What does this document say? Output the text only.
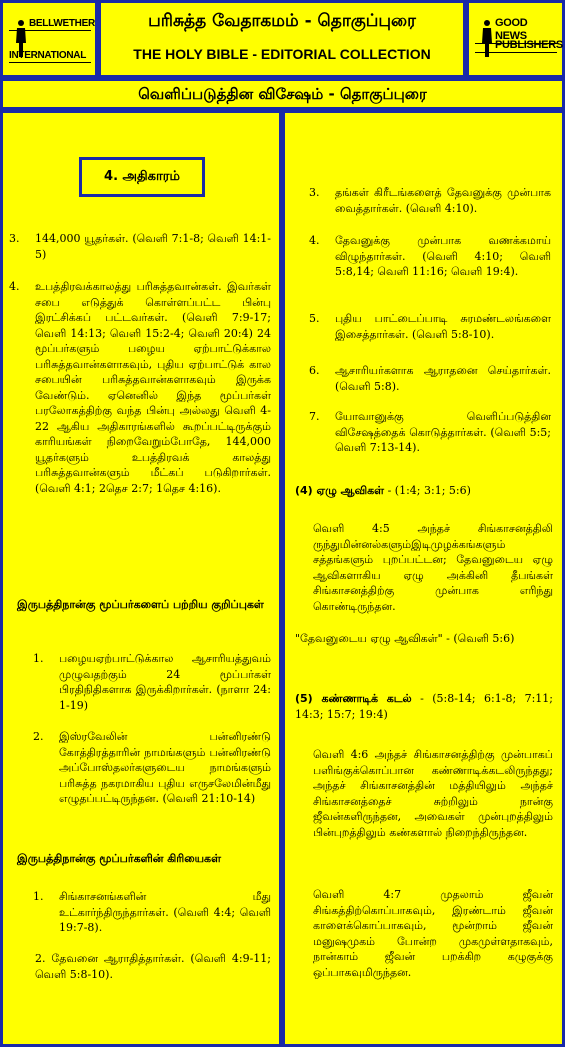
BELLWETHER
INTERNATIONAL
பரிசுத்த வேதாகமம் - தொகுப்புரை
THE HOLY BIBLE - EDITORIAL COLLECTION
GOOD NEWS
PUBLISHERS
வெளிப்படுத்தின விசேஷம் - தொகுப்புரை
4. அதிகாரம்
3. 144,000 யூதர்கள். (வெளி 7:1-8; வெளி 14:1-5)
4. உபத்திரவக்காலத்து பரிசுத்தவான்கள். இவர்கள் சபை எடுத்துக் கொள்ளப்பட்ட பின்பு இரட்சிக்கப் பட்டவர்கள். (வெளி 7:9-17; வெளி 14:13; வெளி 15:2-4; வெளி 20:4) 24 மூப்பர்களும் பழைய ஏற்பாட்டுக்கால பரிசுத்தவான்களாகவும், புதிய ஏற்பாட்டுக் கால சபையின் பரிசுத்தவான்களாகவும் இருக்க வேண்டும். ஏனெனில் இந்த மூப்பர்கள் பரலோகத்திற்கு வந்த பின்பு அல்லது வெளி 4-22 ஆகிய அதிகாரங்களில் கூறப்பட்டிருக்கும் காரியங்கள் நிறைவேறும்போதே, 144,000 யூதர்களும் உபத்திரவக் காலத்து பரிசுத்தவான்களும் மீட்கப் படுகிறார்கள். (வெளி 4:1; 2தெச 2:7; 1தெச 4:16).
இருபத்திநான்கு மூப்பர்களைப் பற்றிய குறிப்புகள்
1. பழையஏற்பாட்டுக்கால ஆசாரியத்துவம் முழுவதற்கும் 24 மூப்பர்கள் பிரதிநிதிகளாக இருக்கிறார்கள். (நாளா 24: 1-19)
2. இஸ்ரவேலின் பன்னிரண்டு கோத்திரத்தாரின் நாமங்களும் பன்னிரண்டு அப்போஸ்தலர்களுடைய நாமங்களும் பரிசுத்த நகரமாகிய புதிய எருசலேமின்மீது எழுதப்பட்டிருந்தன. (வெளி 21:10-14)
இருபத்திநான்கு மூப்பர்களின் கிரியைகள்
1. சிங்காசனங்களின் மீது உட்கார்ந்திருந்தார்கள். (வெளி 4:4; வெளி 19:7-8).
2. தேவனை ஆராதித்தார்கள். (வெளி 4:9-11; வெளி 5:8-10).
3. தங்கள் கிரீடங்களைத் தேவனுக்கு முன்பாக வைத்தார்கள். (வெளி 4:10).
4. தேவனுக்கு முன்பாக வணக்கமாய் விழுந்தார்கள். (வெளி 4:10; வெளி 5:8,14; வெளி 11:16; வெளி 19:4).
5. புதிய பாட்டைப்பாடி சுரமண்டலங்களை இசைத்தார்கள். (வெளி 5:8-10).
6. ஆசாரியர்களாக ஆராதனை செய்தார்கள். (வெளி 5:8).
7. யோவானுக்கு வெளிப்படுத்தின விசேஷத்தைக் கொடுத்தார்கள். (வெளி 5:5; வெளி 7:13-14).
(4) ஏழு ஆவிகள் - (1:4; 3:1; 5:6)
வெளி 4:5 அந்தச் சிங்காசனத்திலி ருந்துமின்னல்களும்இடிமுழக்கங்களும் சத்தங்களும் புறப்பட்டன; தேவனுடைய ஏழு ஆவிகளாகிய ஏழு அக்கினி தீபங்கள் சிங்காசனத்திற்கு முன்பாக எரிந்து கொண்டிருந்தன.
"தேவனுடைய ஏழு ஆவிகள்" - (வெளி 5:6)
(5) கண்ணாடிக் கடல் - (5:8-14; 6:1-8; 7:11; 14:3; 15:7; 19:4)
வெளி 4:6 அந்தச் சிங்காசனத்திற்கு முன்பாகப் பளிங்குக்கொப்பான கண்ணாடிக்கடலிருந்தது; அந்தச் சிங்காசனத்தின் மத்தியிலும் அந்தச் சிங்காசனத்தைச் சுற்றிலும் நான்கு ஜீவன்களிருந்தன, அவைகள் முன்புறத்திலும் பின்புறத்திலும் கண்களால் நிறைந்திருந்தன.
வெளி 4:7 முதலாம் ஜீவன் சிங்கத்திற்கொப்பாகவும், இரண்டாம் ஜீவன் காளைக்கொப்பாகவும், மூன்றாம் ஜீவன் மனுஷமுகம் போன்ற முகமுள்ளதாகவும், நான்காம் ஜீவன் பறக்கிற கழுகுக்கு ஒப்பாகவுமிருந்தன.
